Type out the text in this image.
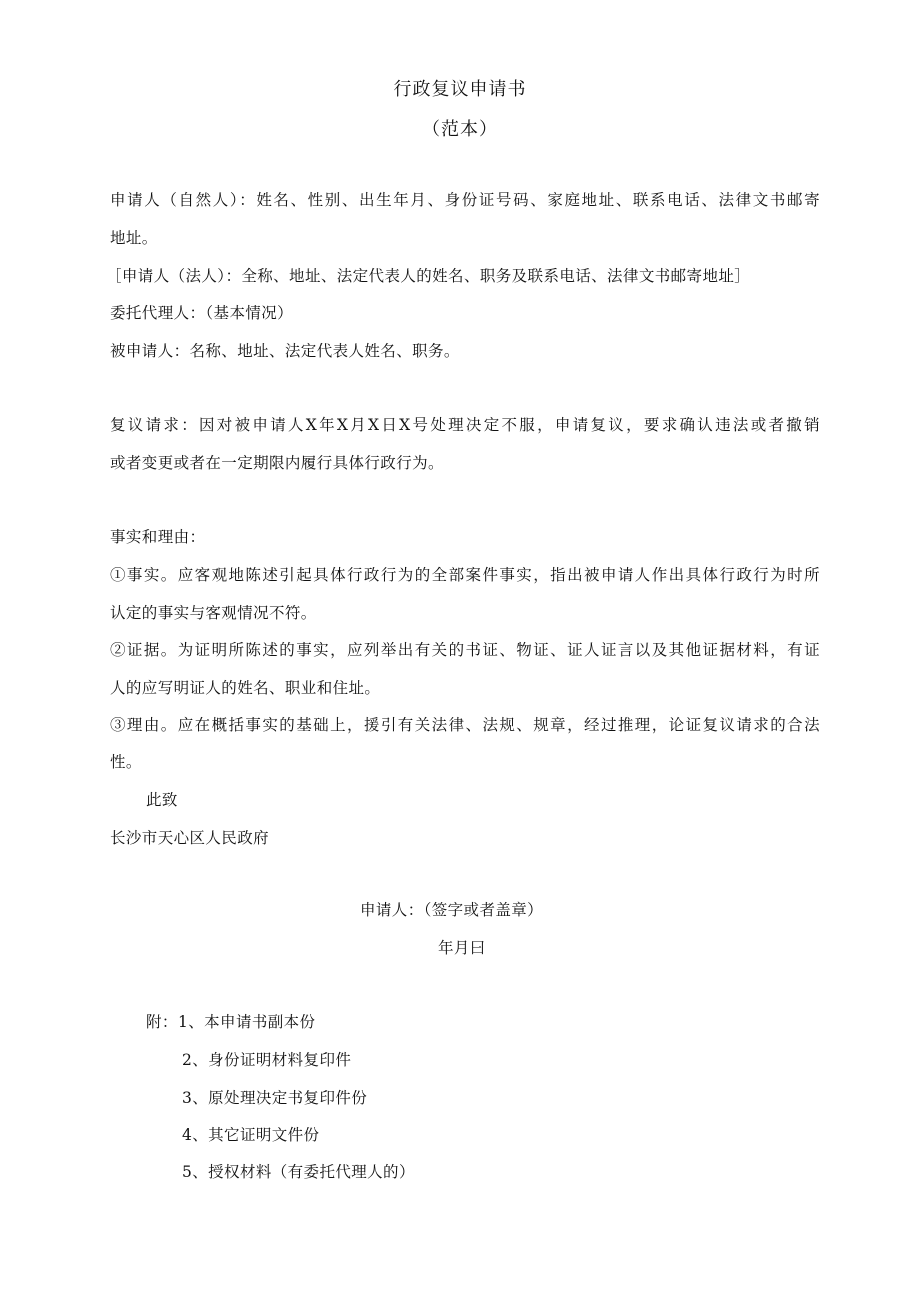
行政复议申请书
（范本）
申请人（自然人）：姓名、性别、出生年月、身份证号码、家庭地址、联系电话、法律文书邮寄
地址。
［申请人（法人）：全称、地址、法定代表人的姓名、职务及联系电话、法律文书邮寄地址］
委托代理人：（基本情况）
被申请人：名称、地址、法定代表人姓名、职务。
复议请求：因对被申请人X年X月X日X号处理决定不服，申请复议，要求确认违法或者撤销
或者变更或者在一定期限内履行具体行政行为。
事实和理由：
①事实。应客观地陈述引起具体行政行为的全部案件事实，指出被申请人作出具体行政行为时所
认定的事实与客观情况不符。
②证据。为证明所陈述的事实，应列举出有关的书证、物证、证人证言以及其他证据材料，有证
人的应写明证人的姓名、职业和住址。
③理由。应在概括事实的基础上，援引有关法律、法规、规章，经过推理，论证复议请求的合法
性。
此致
长沙市天心区人民政府
申请人：（签字或者盖章）
年月曰
附： 1、本申请书副本份
2、身份证明材料复印件
3、原处理决定书复印件份
4、其它证明文件份
5、授权材料（有委托代理人的）
